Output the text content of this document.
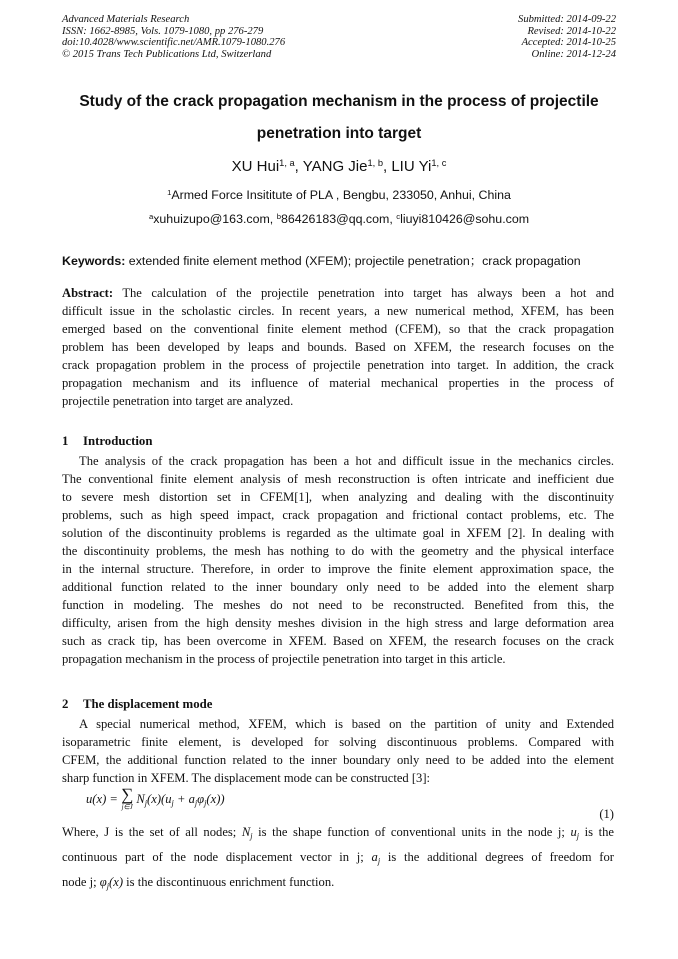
Advanced Materials Research
ISSN: 1662-8985, Vols. 1079-1080, pp 276-279
doi:10.4028/www.scientific.net/AMR.1079-1080.276
© 2015 Trans Tech Publications Ltd, Switzerland
Submitted: 2014-09-22
Revised: 2014-10-22
Accepted: 2014-10-25
Online: 2014-12-24
Study of the crack propagation mechanism in the process of projectile
penetration into target
XU Hui$^{1, a}$, YANG Jie$^{1, b}$, LIU Yi$^{1, c}$
$^1$Armed Force Insititute of PLA , Bengbu, 233050, Anhui, China
$^a$xuhuizupo@163.com, $^b$86426183@qq.com, $^c$liuyi810426@sohu.com
Keywords: extended finite element method (XFEM); projectile penetration；crack propagation
Abstract: The calculation of the projectile penetration into target has always been a hot and
difficult issue in the scholastic circles. In recent years, a new numerical method, XFEM, has been
emerged based on the conventional finite element method (CFEM), so that the crack propagation
problem has been developed by leaps and bounds. Based on XFEM, the research focuses on the
crack propagation problem in the process of projectile penetration into target. In addition, the crack
propagation mechanism and its influence of material mechanical properties in the process of
projectile penetration into target are analyzed.
1 Introduction
The analysis of the crack propagation has been a hot and difficult issue in the mechanics circles.
The conventional finite element analysis of mesh reconstruction is often intricate and inefficient due
to severe mesh distortion set in CFEM[1], when analyzing and dealing with the discontinuity
problems, such as high speed impact, crack propagation and frictional contact problems, etc. The
solution of the discontinuity problems is regarded as the ultimate goal in XFEM [2]. In dealing with
the discontinuity problems, the mesh has nothing to do with the geometry and the physical interface
in the internal structure. Therefore, in order to improve the finite element approximation space, the
additional function related to the inner boundary only need to be added into the element sharp
function in modeling. The meshes do not need to be reconstructed. Benefited from this, the
difficulty, arisen from the high density meshes division in the high stress and large deformation area
such as crack tip, has been overcome in XFEM. Based on XFEM, the research focuses on the crack
propagation mechanism in the process of projectile penetration into target in this article.
2 The displacement mode
A special numerical method, XFEM, which is based on the partition of unity and Extended
isoparametric finite element, is developed for solving discontinuous problems. Compared with
CFEM, the additional function related to the inner boundary only need to be added into the element
sharp function in XFEM. The displacement mode can be constructed [3]:
u(x) = ∑
j∈J $N_j(x)(u_j + a_j\varphi_j(x))$
(1)
Where, J is the set of all nodes; $N_j$ is the shape function of conventional units in the node j; $u_j$ is the
continuous part of the node displacement vector in j; $a_j$ is the additional degrees of freedom for
node j; $\varphi_j(x)$ is the discontinuous enrichment function.
